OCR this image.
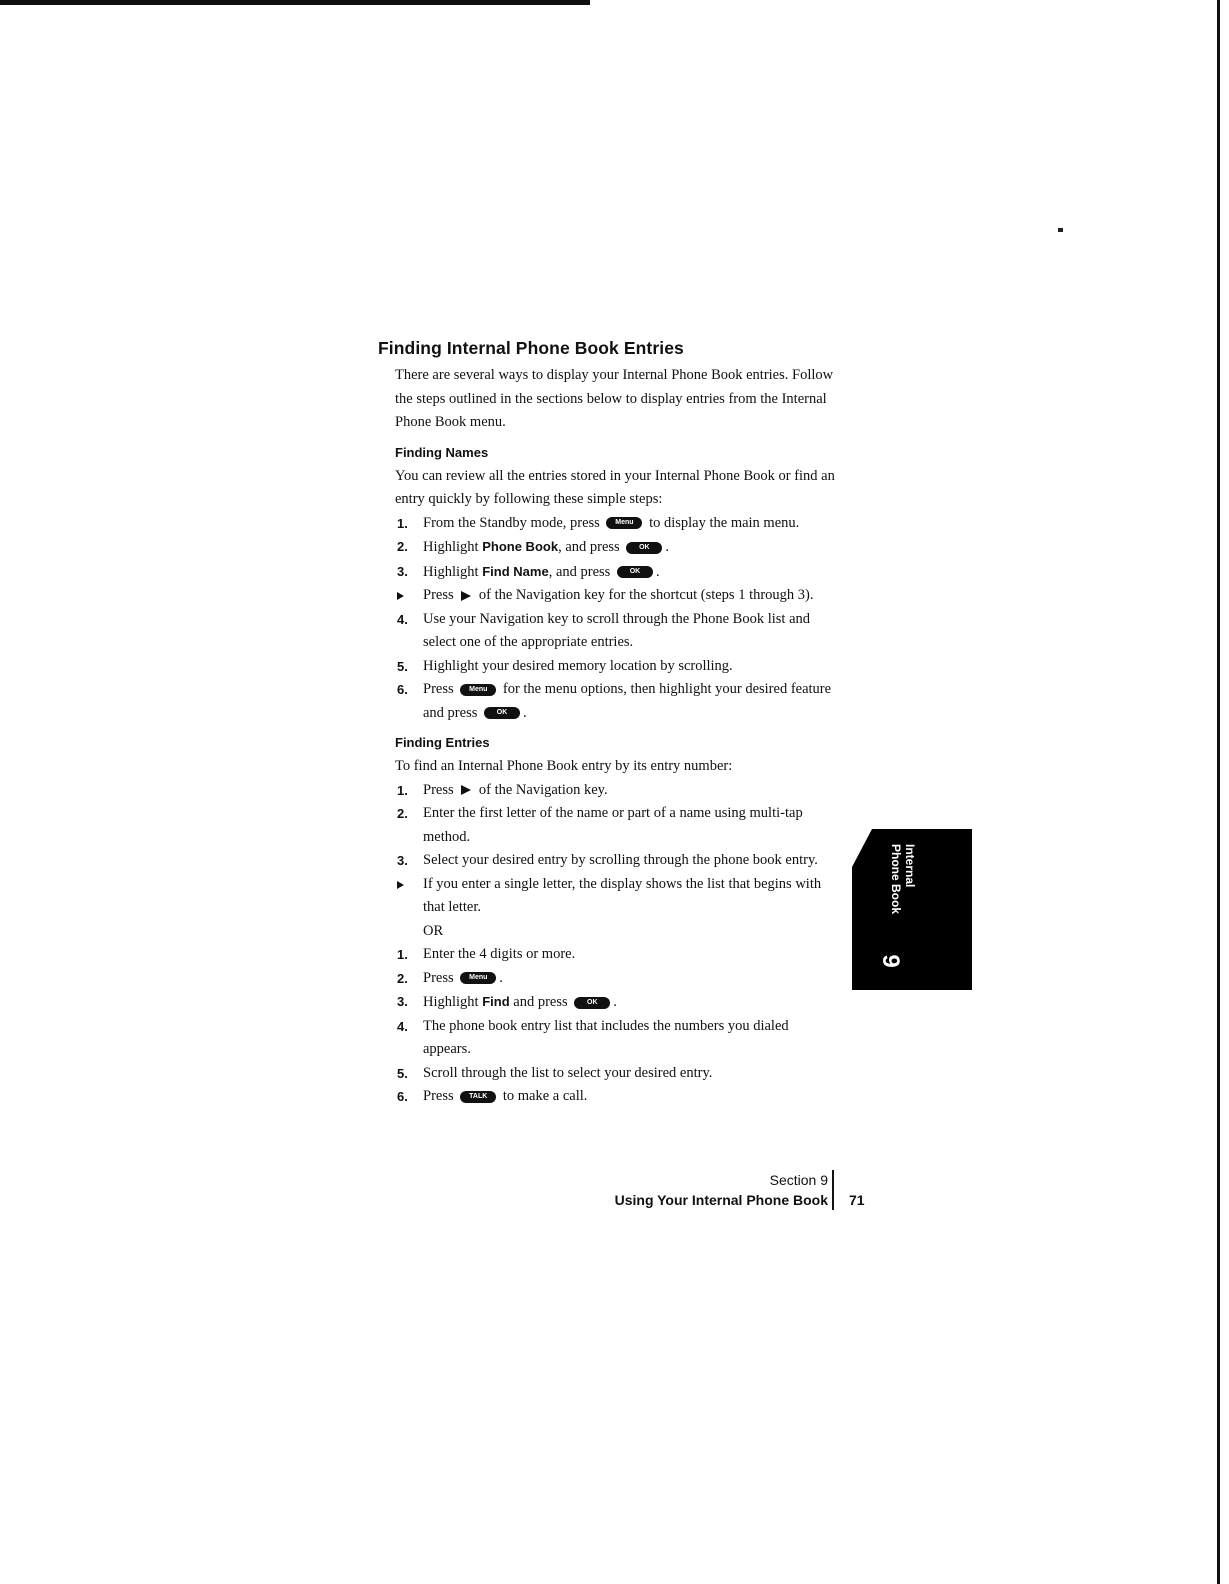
Finding Internal Phone Book Entries

There are several ways to display your Internal Phone Book entries. Follow the steps outlined in the sections below to display entries from the Internal Phone Book menu.

Finding Names

You can review all the entries stored in your Internal Phone Book or find an entry quickly by following these simple steps:

1. From the Standby mode, press Menu to display the main menu.
2. Highlight Phone Book, and press	OK .
3. Highlight Find Name, and press	OK .
Press of the Navigation key for the shortcut (steps 1 through 3).
4. Use your Navigation key to scroll through the Phone Book list and select one of the appropriate entries.
5. Highlight your desired memory location by scrolling.
6. Press Menu for the menu options, then highlight your desired feature and press	OK .
Finding Entries

To find an Internal Phone Book entry by its entry number:

1. Press of the Navigation key.
2. Enter the first letter of the name or part of a name using multi-tap method.
3. Select your desired entry by scrolling through the phone book entry.
If you enter a single letter, the display shows the list that begins with that letter.
OR
1. Enter the 4 digits or more.
2. Press Menu .
3. Highlight Find and press	OK .
4. The phone book entry list that includes the numbers you dialed appears.
5. Scroll through the list to select your desired entry.
6. Press TALK to make a call.
Internal
Phone Book
9
Section 9
Using Your Internal Phone Book 71
